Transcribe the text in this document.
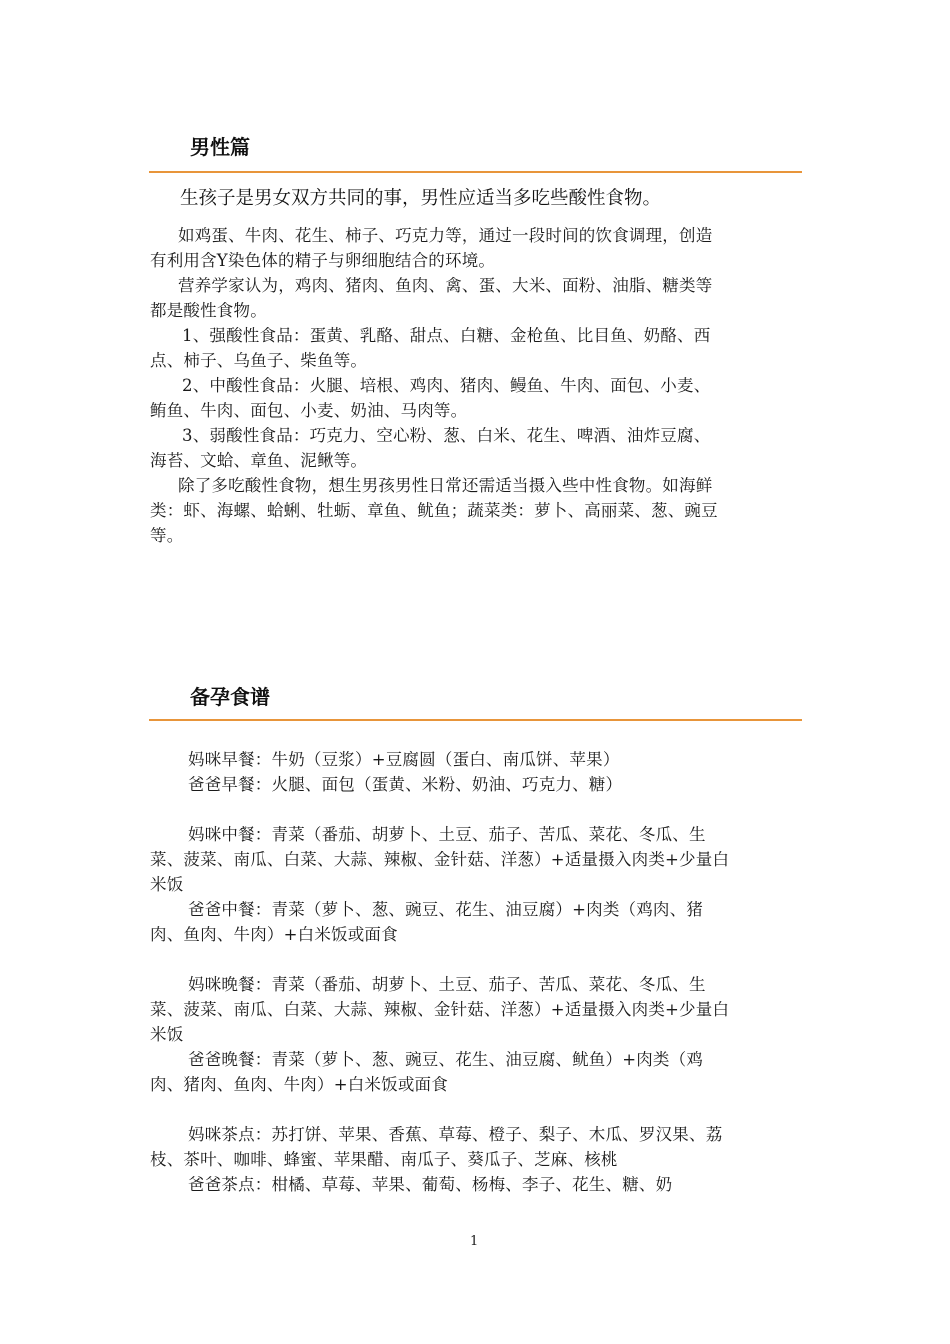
男性篇
生孩子是男女双方共同的事，男性应适当多吃些酸性食物。
如鸡蛋、牛肉、花生、柿子、巧克力等，通过一段时间的饮食调理，创造
有利用含Y染色体的精子与卵细胞结合的环境。
营养学家认为，鸡肉、猪肉、鱼肉、禽、蛋、大米、面粉、油脂、糖类等
都是酸性食物。
1、强酸性食品：蛋黄、乳酪、甜点、白糖、金枪鱼、比目鱼、奶酪、西
点、柿子、乌鱼子、柴鱼等。
2、中酸性食品：火腿、培根、鸡肉、猪肉、鳗鱼、牛肉、面包、小麦、
鲔鱼、牛肉、面包、小麦、奶油、马肉等。
3、弱酸性食品：巧克力、空心粉、葱、白米、花生、啤酒、油炸豆腐、
海苔、文蛤、章鱼、泥鳅等。
除了多吃酸性食物，想生男孩男性日常还需适当摄入些中性食物。如海鲜
类：虾、海螺、蛤蜊、牡蛎、章鱼、鱿鱼；蔬菜类：萝卜、高丽菜、葱、豌豆
等。
备孕食谱
妈咪早餐：牛奶（豆浆）+豆腐圆（蛋白、南瓜饼、苹果）
爸爸早餐：火腿、面包（蛋黄、米粉、奶油、巧克力、糖）
妈咪中餐：青菜（番茄、胡萝卜、土豆、茄子、苦瓜、菜花、冬瓜、生
菜、菠菜、南瓜、白菜、大蒜、辣椒、金针菇、洋葱）+适量摄入肉类+少量白
米饭
爸爸中餐：青菜（萝卜、葱、豌豆、花生、油豆腐）+肉类（鸡肉、猪
肉、鱼肉、牛肉）+白米饭或面食
妈咪晚餐：青菜（番茄、胡萝卜、土豆、茄子、苦瓜、菜花、冬瓜、生
菜、菠菜、南瓜、白菜、大蒜、辣椒、金针菇、洋葱）+适量摄入肉类+少量白
米饭
爸爸晚餐：青菜（萝卜、葱、豌豆、花生、油豆腐、鱿鱼）+肉类（鸡
肉、猪肉、鱼肉、牛肉）+白米饭或面食
妈咪茶点：苏打饼、苹果、香蕉、草莓、橙子、梨子、木瓜、罗汉果、荔
枝、茶叶、咖啡、蜂蜜、苹果醋、南瓜子、葵瓜子、芝麻、核桃
爸爸茶点：柑橘、草莓、苹果、葡萄、杨梅、李子、花生、糖、奶
1
